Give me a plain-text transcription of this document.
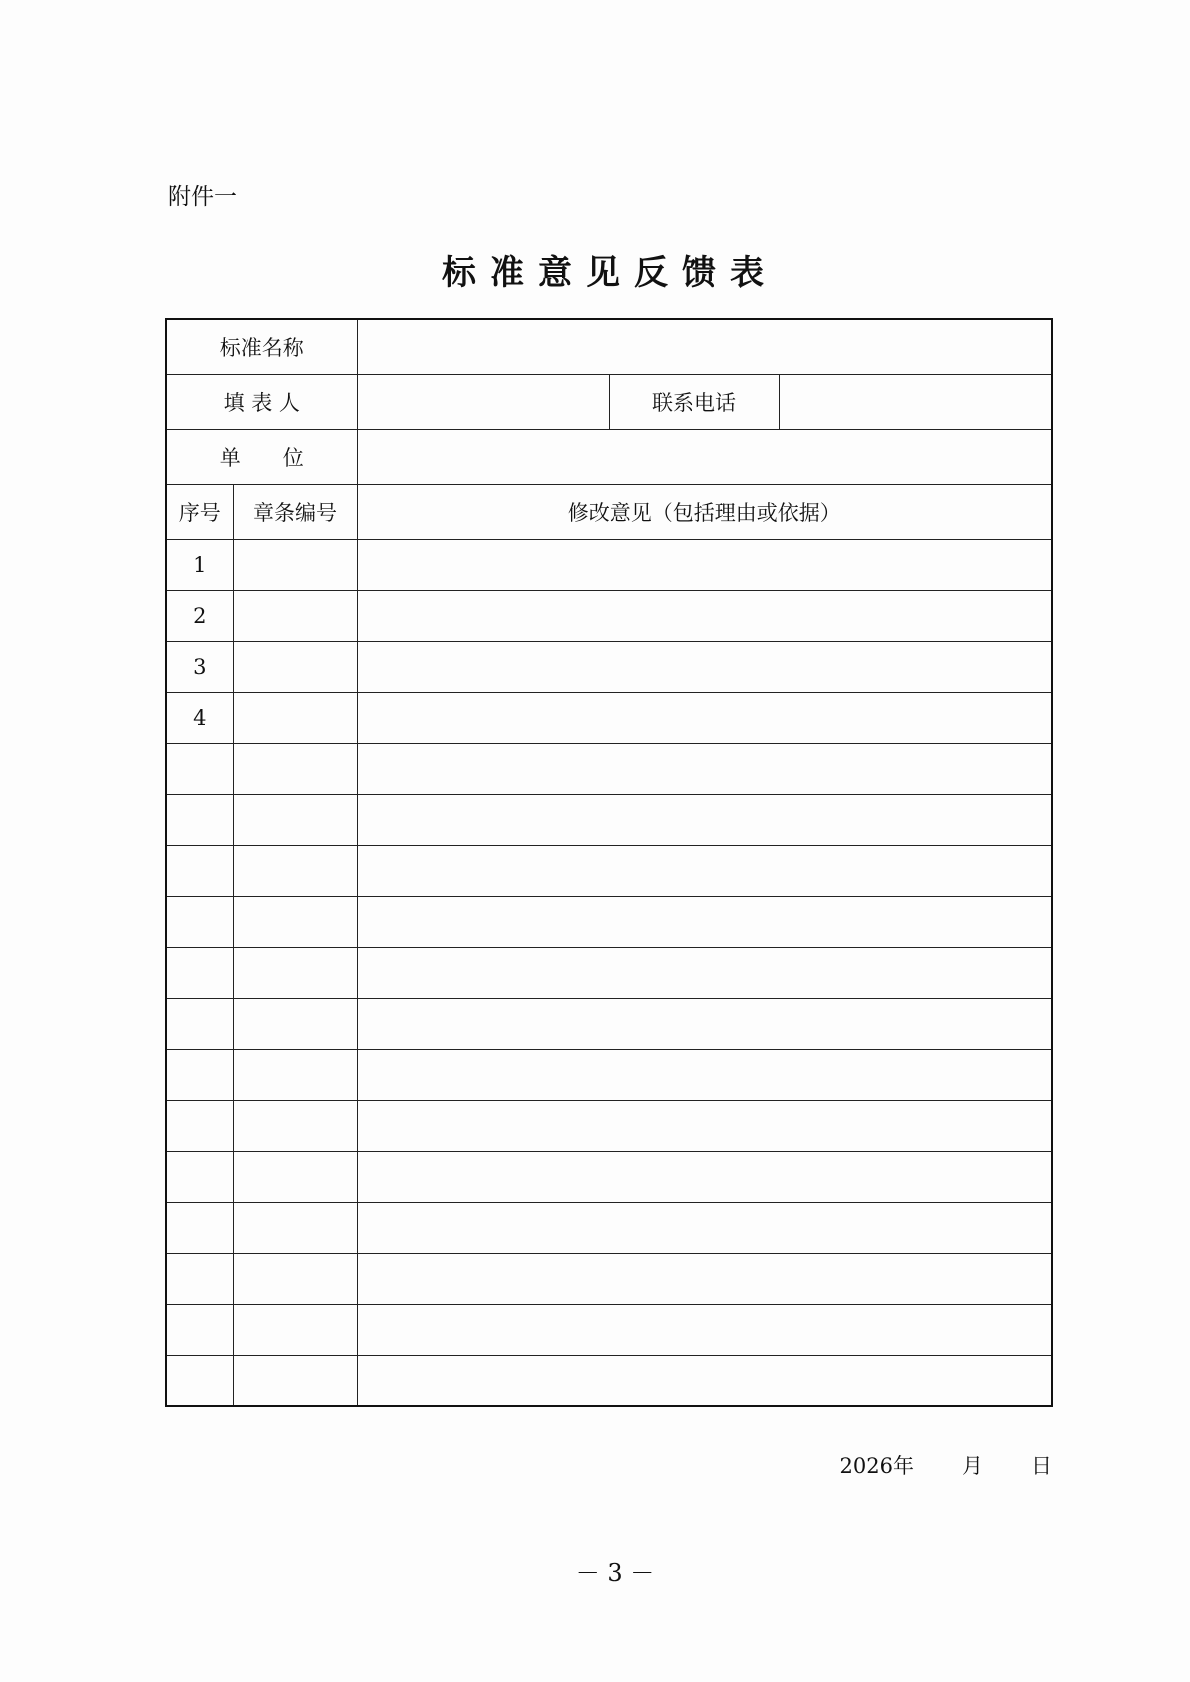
附件一
标准意见反馈表
标准名称				
填 表 人			联系电话	
单　　位				
序号	章条编号	修改意见（包括理由或依据）		
1				
2				
3				
4				

2026年 月 日
－ 3 －
